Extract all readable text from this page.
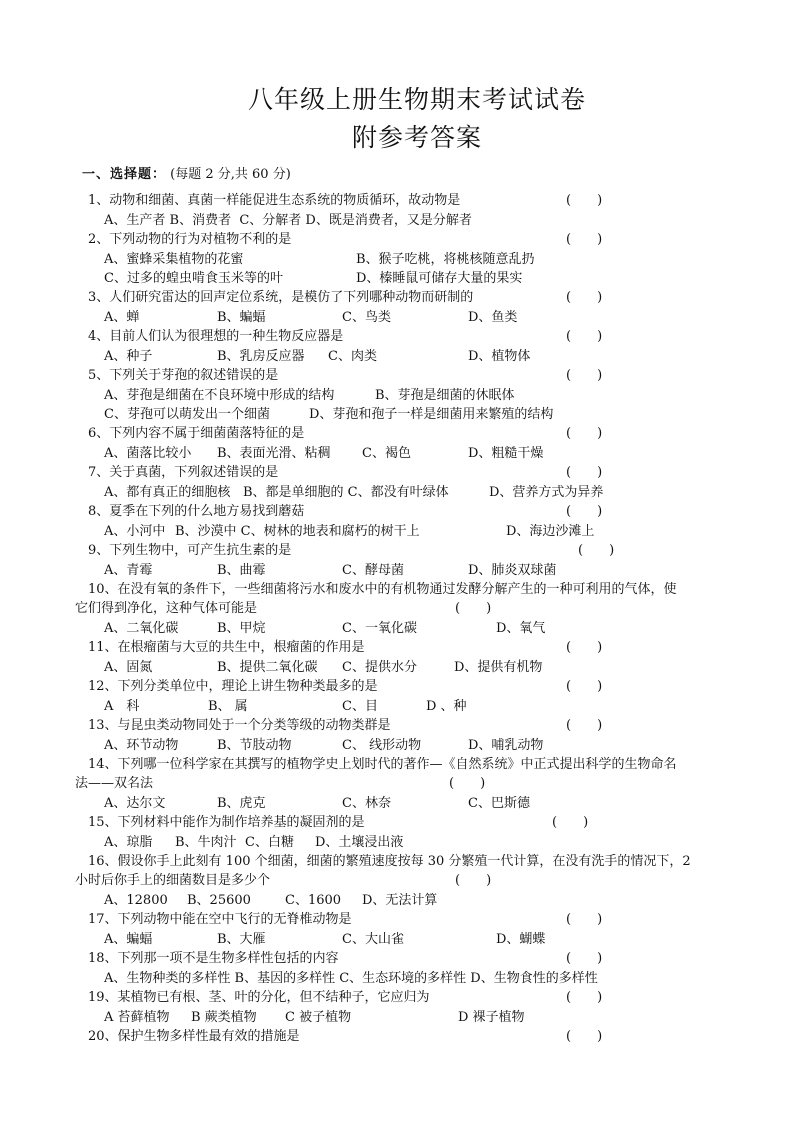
八年级上册生物期末考试试卷
附参考答案
一、选择题： (每题 2 分,共 60 分)
1、动物和细菌、真菌一样能促进生态系统的物质循环，故动物是
A、生产者 B、消费者  C、分解者 D、既是消费者，又是分解者
2、下列动物的行为对植物不利的是
A、蜜蜂采集植物的花蜜	B、猴子吃桃，将桃核随意乱扔
C、过多的蝗虫啃食玉米等的叶	D、榛睡鼠可储存大量的果实
3、人们研究雷达的回声定位系统，是模仿了下列哪种动物而研制的
A、蝉	B、蝙蝠	C、鸟类	D、鱼类
4、目前人们认为很理想的一种生物反应器是
A、种子	B、乳房反应器 C、肉类	D、植物体
5、下列关于芽孢的叙述错误的是
A、芽孢是细菌在不良环境中形成的结构	B、芽孢是细菌的休眠体
C、芽孢可以萌发出一个细菌	D、芽孢和孢子一样是细菌用来繁殖的结构
6、下列内容不属于细菌菌落特征的是
A、菌落比较小 B、表面光滑、粘稠 C、褐色	D、粗糙干燥
7、关于真菌，下列叙述错误的是
A、都有真正的细胞核 B、都是单细胞的 C、都没有叶绿体	D、营养方式为异养
8、夏季在下列的什么地方易找到蘑菇
A、小河中 B、沙漠中 C、树林的地表和腐朽的树干上	D、海边沙滩上
9、下列生物中，可产生抗生素的是
A、青霉	B、曲霉	C、酵母菌	D、肺炎双球菌
10、在没有氧的条件下，一些细菌将污水和废水中的有机物通过发酵分解产生的一种可利用的气体，使
它们得到净化，这种气体可能是
A、二氧化碳	B、甲烷	C、一氧化碳	D、氧气
11、在根瘤菌与大豆的共生中，根瘤菌的作用是
A、固氮	B、提供二氧化碳 C、提供水分	D、提供有机物
12、下列分类单位中，理论上讲生物种类最多的是
A　科	B、 属	C、目	D 、种
13、与昆虫类动物同处于一个分类等级的动物类群是
A、环节动物	B、节肢动物	C、 线形动物	D、哺乳动物
14、下列哪一位科学家在其撰写的植物学史上划时代的著作—《自然系统》中正式提出科学的生物命名
法——双名法
A、达尔文	B、虎克	C、林奈	C、巴斯德
15、下列材料中能作为制作培养基的凝固剂的是
A、琼脂 B、牛肉汁 C、白糖 D、土壤浸出液
16、假设你手上此刻有 100 个细菌，细菌的繁殖速度按每 30 分繁殖一代计算，在没有洗手的情况下，2
小时后你手上的细菌数目是多少个
A、12800 B、25600	C、1600 D、无法计算
17、下列动物中能在空中飞行的无脊椎动物是
A、蝙蝠	B、大雁	C、大山雀	D、蝴蝶
18、下列那一项不是生物多样性包括的内容
A、生物种类的多样性 B、基因的多样性 C、生态环境的多样性 D、生物食性的多样性
19、某植物已有根、茎、叶的分化，但不结种子，它应归为
A 苔藓植物 B 蕨类植物 C 被子植物	D 裸子植物
20、保护生物多样性最有效的措施是
(　　)
(　　)
(　　)
(　　)
(　　)
(　　)
(　　)
(　　)
(　　)
(　　)
(　　)
(　　)
(　　)
(　　)
(　　)
(　　)
(　　)
(　　)
(　　)
(　　)
